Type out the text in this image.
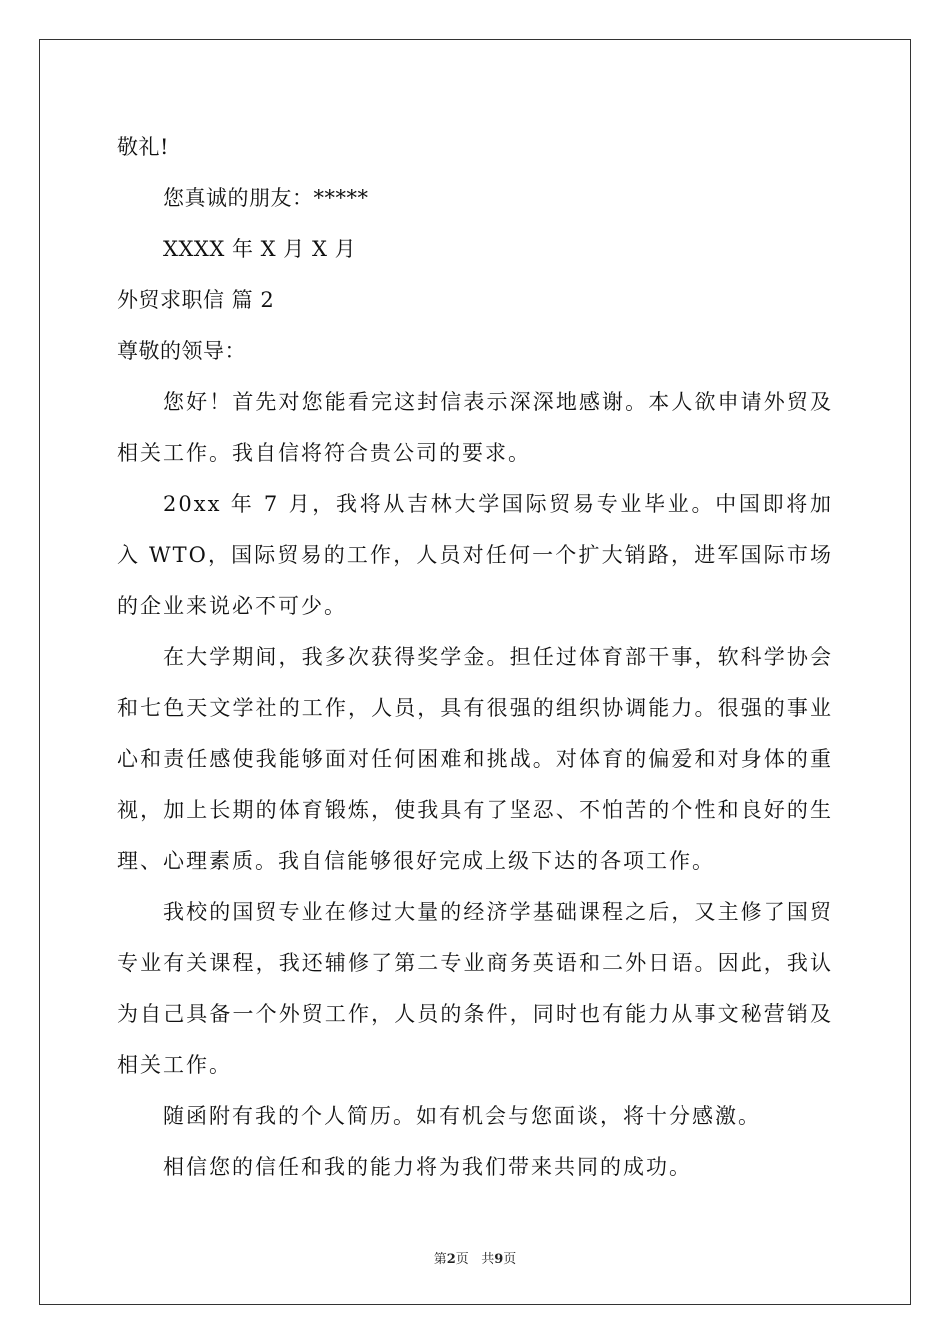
敬礼!
您真诚的朋友：*****
XXXX 年 X 月 X 月
外贸求职信 篇 2
尊敬的领导：
您好！首先对您能看完这封信表示深深地感谢。本人欲申请外贸及相关工作。我自信将符合贵公司的要求。
20xx 年 7 月，我将从吉林大学国际贸易专业毕业。中国即将加入 WTO，国际贸易的工作，人员对任何一个扩大销路，进军国际市场的企业来说必不可少。
在大学期间，我多次获得奖学金。担任过体育部干事，软科学协会和七色天文学社的工作，人员，具有很强的组织协调能力。很强的事业心和责任感使我能够面对任何困难和挑战。对体育的偏爱和对身体的重视，加上长期的体育锻炼，使我具有了坚忍、不怕苦的个性和良好的生理、心理素质。我自信能够很好完成上级下达的各项工作。
我校的国贸专业在修过大量的经济学基础课程之后，又主修了国贸专业有关课程，我还辅修了第二专业商务英语和二外日语。因此，我认为自己具备一个外贸工作，人员的条件，同时也有能力从事文秘营销及相关工作。
随函附有我的个人简历。如有机会与您面谈，将十分感激。
相信您的信任和我的能力将为我们带来共同的成功。
第2页 共9页
